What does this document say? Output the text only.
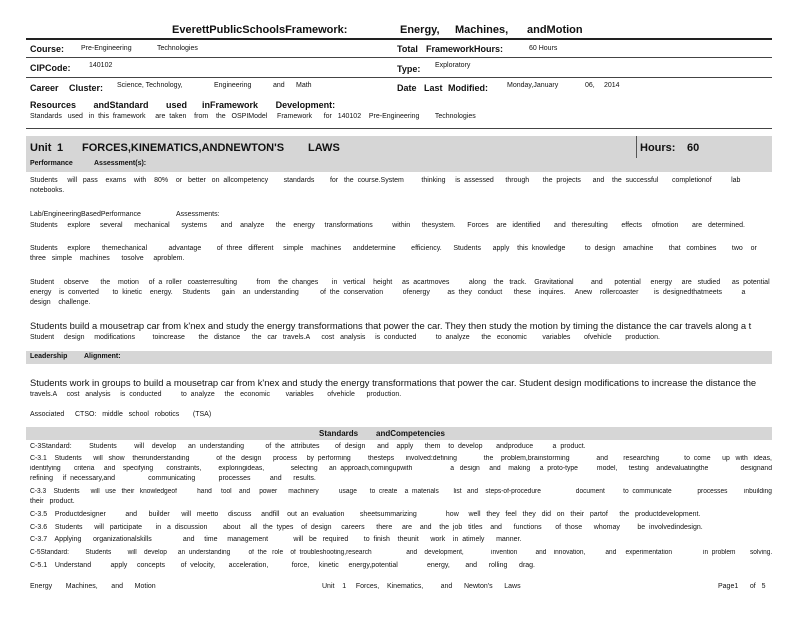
EverettPublicSchoolsFramework:	Energy, Machines, andMotion
Course: Pre-Engineering	Technologies	Total FrameworkHours:	60 Hours
CIPCode:	140102	Type: Exploratory
Career Cluster: Science, Technology,	Engineering	and Math	Date Last Modified:	Monday,January	06, 2014
Resources       andStandard       used      inFramework       Development:
Standards   used   in  this  framework     are  taken    from    the   OSPIModel     Framework      for   140102    Pre-Engineering        Technologies
Unit 1 FORCES,KINEMATICS,ANDNEWTON'S LAWS	Hours: 60
Performance	Assessment(s):
Students     will   pass    exams    with    80%    or   better   on  allcompetency        standards        for   the  course.System         thinking     is  assessed      through       the  projects      and    the  successful       completionof          lab
notebooks.
Lab/EngineeringBasedPerformance	Assessments:
Students     explore     several      mechanical      systems       and    analyze      the    energy     transformations          within      thesystem.      Forces    are   identified       and   theresulting       effects     ofmotion       are   determined.
Students     explore      themechanical           advantage        of  three   different     simple    machines      anddetermine        efficiency.      Students      apply    this  knowledge          to  design    amachine        that   combines        two    or
three   simple    machines      tosolve     aproblem.
Student     observe      the    motion     of  a  roller   coasterresulting          from    the  changes       in   vertical    height     as  acartmoves          along    the   track.    Gravitational         and      potential     energy     are   studied      as  potential
energy    is  converted       to  kinetic    energy.     Students      gain    an  understanding           of  the  conservation          ofenergy         as  they   conduct      these    inquires.     Anew    rollercoaster        is  designedthatmeets          a
design    challenge.
Students build a mousetrap car from k'nex and study the energy transformations that power the car. They then study the motion by timing the distance the car travels along a t
Student     design     modifications         toincrease       the   distance      the   car   travels.A      cost   analysis     is  conducted          to  analyze      the   economic        variables       ofvehicle       production.
Leadership Alignment:
Students work in groups to build a mousetrap car from k'nex and study the energy transformations that power the car. Student design modifications to increase the distance the
travels.A     cost   analysis     is  conducted          to  analyze     the   economic        variables       ofvehicle      production.
Associated CTSO:   middle   school   robotics       (TSA)
Standards andCompetencies
C-3Standard:         Students         will    develop      an  understanding           of  the   attributes        of  design      and    apply      them    to  develop       andproduce          a  product.
C-3.1    Students      will   show    theirunderstanding              of  the   design      process     by  performing         thesteps      involved:defining              the    problem,brainstorming              and        researching             to  come      up   with   ideas,
identifying       criteria     and    specifying       constraints,         exploringideas,              selecting      an  approach,comingupwith                    a   design     and    making     a  proto-type          model,      testing    andevaluatingthe                 designand
refining     if  necessary,and                 communicating            processes          and      results.
C-3.3    Students      will   use   their   knowledgeof           hand     tool    and     power      machinery           usage       to  create    a  materials        list   and    steps-of-procedure                   document          to  communicate              processes         inbuilding
their   product.
C-3.5    Productdesigner          and      builder      will   meetto     discuss     andfill    out  an  evaluation        sheetsummarizing               how     well   they   feel   they   did   on   their   partof      the   productdevelopment.
C-3.6    Students      will   participate       in   a  discussion        about     all   the  types    of  design     careers      there     are    and    the  job   titles    and      functions       of  those      whomay         be  involvedindesign.
C-3.7    Applying      organizationalskills                and     time     management             will   be   required        to  finish    theunit      work    in  atimely      manner.
C-5Standard:         Students         will    develop      an  understanding          of  the   role    of  troubleshooting,research                   and    development,               invention          and    innovation,           and     experimentation                 in  problem        solving.
C-5.1    Understand          apply     concepts        of  velocity,       acceleration,            force,     kinetic     energy,potential               energy,        and      rolling      drag.
Energy       Machines,       and      Motion	Unit    1     Forces,    Kinematics,         and      Newton's      Laws	Page1      of   5
